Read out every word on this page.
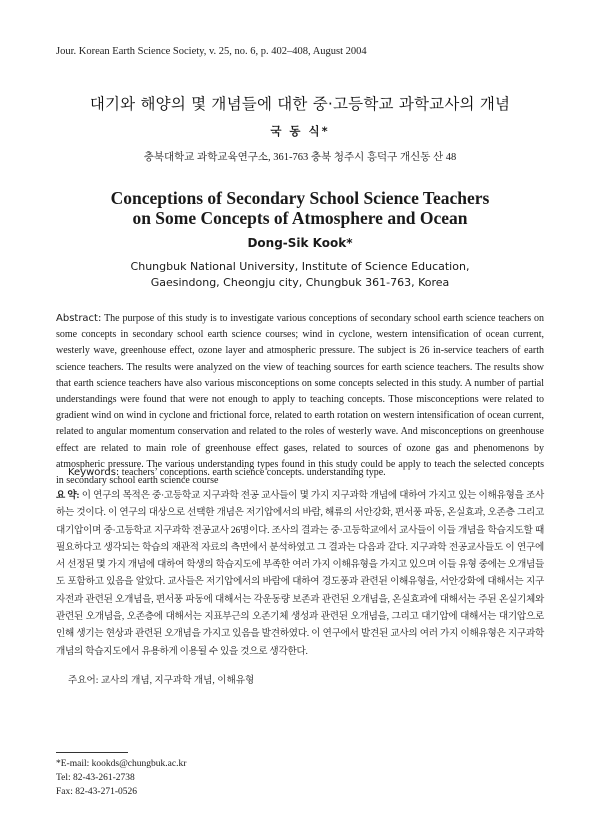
Jour. Korean Earth Science Society, v. 25, no. 6, p. 402–408, August 2004
대기와 해양의 몇 개념들에 대한 중·고등학교 과학교사의 개념
국 동 식*
충북대학교 과학교육연구소, 361-763 충북 청주시 흥덕구 개신동 산 48
Conceptions of Secondary School Science Teachers
on Some Concepts of Atmosphere and Ocean
Dong-Sik Kook*
Chungbuk National University, Institute of Science Education,
Gaesindong, Cheongju city, Chungbuk 361-763, Korea
Abstract: The purpose of this study is to investigate various conceptions of secondary school earth science teachers on some concepts in secondary school earth science courses; wind in cyclone, western intensification of ocean current, westerly wave, greenhouse effect, ozone layer and atmospheric pressure. The subject is 26 in-service teachers of earth science teachers. The results were analyzed on the view of teaching sources for earth science teachers. The results show that earth science teachers have also various misconceptions on some concepts selected in this study. A number of partial understandings were found that were not enough to apply to teaching concepts. Those misconceptions were related to gradient wind on wind in cyclone and frictional force, related to earth rotation on western intensification of ocean current, related to angular momentum conservation and related to the roles of westerly wave. And misconceptions on greenhouse effect are related to main role of greenhouse effect gases, related to sources of ozone gas and phenomenons by atmospheric pressure. The various understanding types found in this study could be apply to teach the selected concepts in secondary school earth science course
Keywords: teachers’ conceptions. earth science concepts. understanding type.
요 약: 이 연구의 목적은 중·고등학교 지구과학 전공 교사들이 몇 가지 지구과학 개념에 대하여 가지고 있는 이해유형을 조사하는 것이다. 이 연구의 대상으로 선택한 개념은 저기압에서의 바람, 해류의 서안강화, 편서풍 파동, 온실효과, 오존층 그리고 대기압이며 중·고등학교 지구과학 전공교사 26명이다. 조사의 결과는 중·고등학교에서 교사들이 이들 개념을 학습지도할 때 필요하다고 생각되는 학습의 재관적 자료의 측면에서 분석하였고 그 결과는 다음과 같다. 지구과학 전공교사들도 이 연구에서 선정된 몇 가지 개념에 대하여 학생의 학습지도에 부족한 여러 가지 이해유형을 가지고 있으며 이들 유형 중에는 오개념들도 포함하고 있음을 알았다. 교사들은 저기압에서의 바람에 대하여 경도풍과 관련된 이해유형을, 서안강화에 대해서는 지구자전과 관련된 오개념을, 편서풍 파동에 대해서는 각운동량 보존과 관련된 오개념을, 온실효과에 대해서는 주된 온실기체와 관련된 오개념을, 오존층에 대해서는 지표부근의 오존기체 생성과 관련된 오개념을, 그리고 대기압에 대해서는 대기압으로 인해 생기는 현상과 관련된 오개념을 가지고 있음을 발견하였다. 이 연구에서 발견된 교사의 여러 가지 이해유형은 지구과학개념의 학습지도에서 유용하게 이용될 수 있을 것으로 생각한다.
주요어: 교사의 개념, 지구과학 개념, 이해유형
*E-mail: kookds@chungbuk.ac.kr
Tel: 82-43-261-2738
Fax: 82-43-271-0526
